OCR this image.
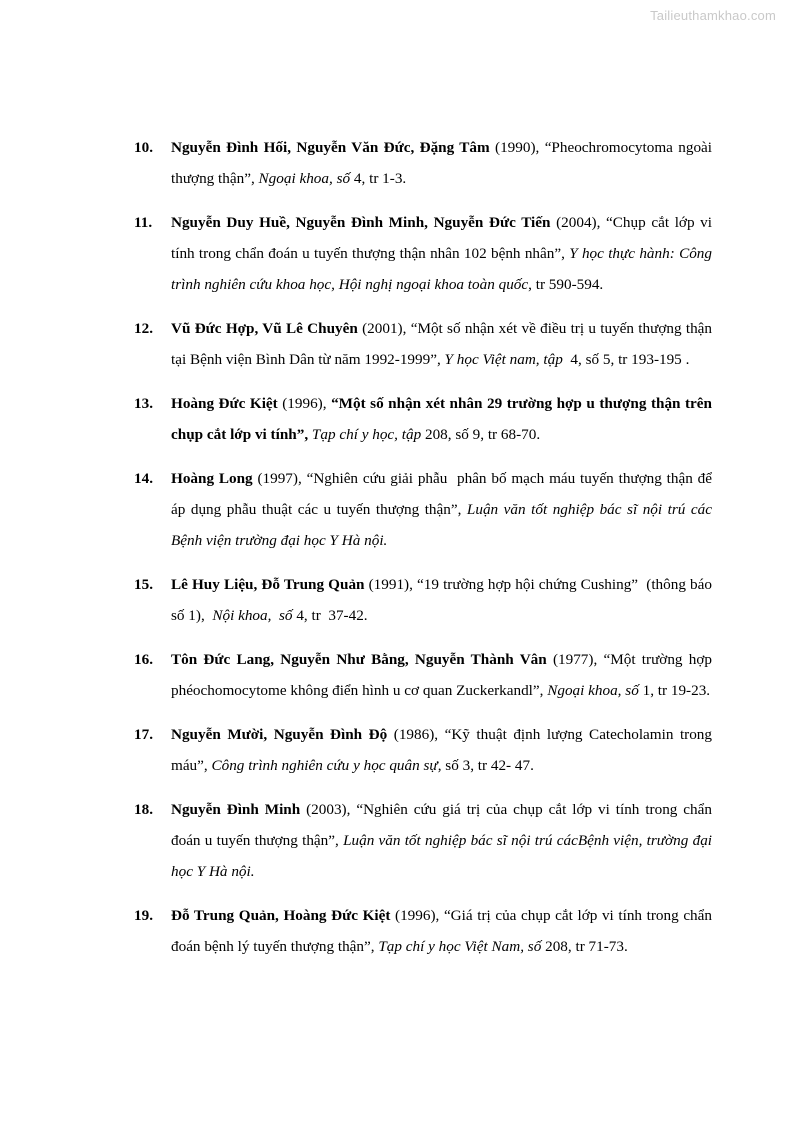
Tailieuthamkhao.com
10. Nguyễn Đình Hối, Nguyễn Văn Đức, Đặng Tâm (1990), “Pheochromocytoma ngoài thượng thận”, Ngoại khoa, số 4, tr 1-3.
11. Nguyễn Duy Huề, Nguyễn Đình Minh, Nguyễn Đức Tiến (2004), “Chụp cắt lớp vi tính trong chẩn đoán u tuyến thượng thận nhân 102 bệnh nhân”, Y học thực hành: Công trình nghiên cứu khoa học, Hội nghị ngoại khoa toàn quốc, tr 590-594.
12. Vũ Đức Hợp, Vũ Lê Chuyên (2001), “Một số nhận xét về điều trị u tuyến thượng thận tại Bệnh viện Bình Dân từ năm 1992-1999”, Y học Việt nam, tập  4, số 5, tr 193-195 .
13. Hoàng Đức Kiệt (1996), “Một số nhận xét nhân 29 trường hợp u thượng thận trên chụp cắt lớp vi tính”, Tạp chí y học, tập 208, số 9, tr 68-70.
14. Hoàng Long (1997), “Nghiên cứu giải phẫu  phân bố mạch máu tuyến thượng thận để áp dụng phẫu thuật các u tuyến thượng thận”, Luận văn tốt nghiệp bác sĩ nội trú các Bệnh viện trường đại học Y Hà nội.
15. Lê Huy Liệu, Đỗ Trung Quản (1991), “19 trường hợp hội chứng Cushing”  (thông báo số 1),  Nội khoa,  số 4, tr  37-42.
16. Tôn Đức Lang, Nguyễn Như Bằng, Nguyễn Thành Vân (1977), “Một trường hợp phéochomocytome không điển hình u cơ quan Zuckerkandl”, Ngoại khoa, số 1, tr 19-23.
17. Nguyễn Mười, Nguyễn Đình Độ (1986), “Kỹ thuật định lượng Catecholamin trong máu”, Công trình nghiên cứu y học quân sự, số 3, tr 42- 47.
18. Nguyễn Đình Minh (2003), “Nghiên cứu giá trị của chụp cắt lớp vi tính trong chẩn đoán u tuyến thượng thận”, Luận văn tốt nghiệp bác sĩ nội trú cácBệnh viện, trường đại học Y Hà nội.
19. Đỗ Trung Quản, Hoàng Đức Kiệt (1996), “Giá trị của chụp cắt lớp vi tính trong chẩn đoán bệnh lý tuyến thượng thận”, Tạp chí y học Việt Nam, số 208, tr 71-73.
